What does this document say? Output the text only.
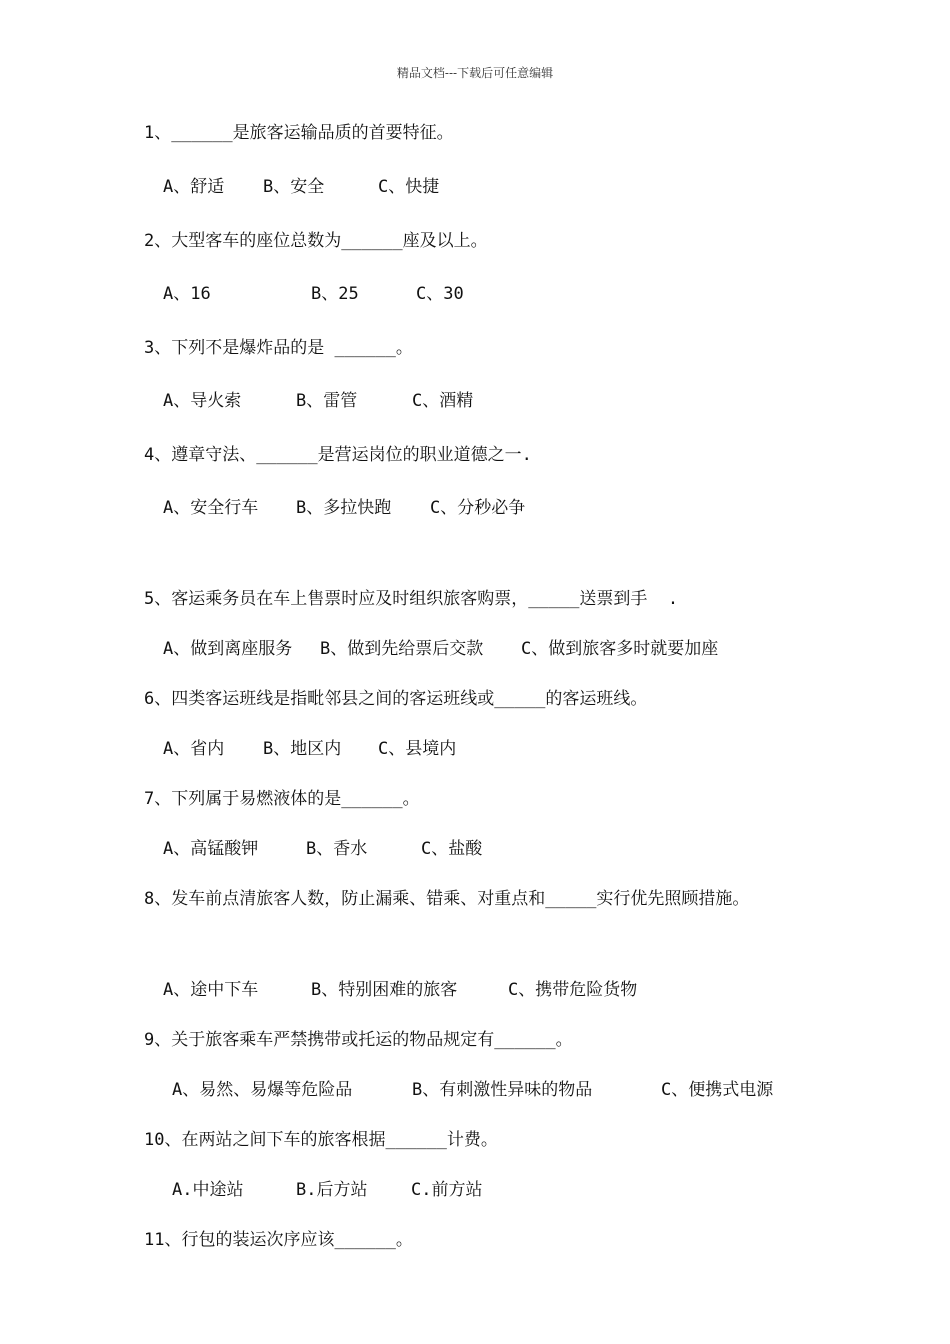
精品文档---下载后可任意编辑
1、______是旅客运输品质的首要特征。
A、舒适 B、安全	C、快捷
2、大型客车的座位总数为______座及以上。
A、16	B、25	C、30
3、下列不是爆炸品的是 ______。
A、导火索	B、雷管	C、酒精
4、遵章守法、______是营运岗位的职业道德之一.
A、安全行车 B、多拉快跑 C、分秒必争
5、客运乘务员在车上售票时应及时组织旅客购票，_____送票到手  .
A、做到离座服务 B、做到先给票后交款 C、做到旅客多时就要加座
6、四类客运班线是指毗邻县之间的客运班线或_____的客运班线。
A、省内 B、地区内 C、县境内
7、下列属于易燃液体的是______。
A、高锰酸钾	B、香水	C、盐酸
8、发车前点清旅客人数，防止漏乘、错乘、对重点和_____实行优先照顾措施。
A、途中下车	B、特别困难的旅客	C、携带危险货物
9、关于旅客乘车严禁携带或托运的物品规定有______。
A、易然、易爆等危险品	B、有刺激性异味的物品	C、便携式电源
10、在两站之间下车的旅客根据______计费。
A.中途站	B.后方站	C.前方站
11、行包的装运次序应该______。
